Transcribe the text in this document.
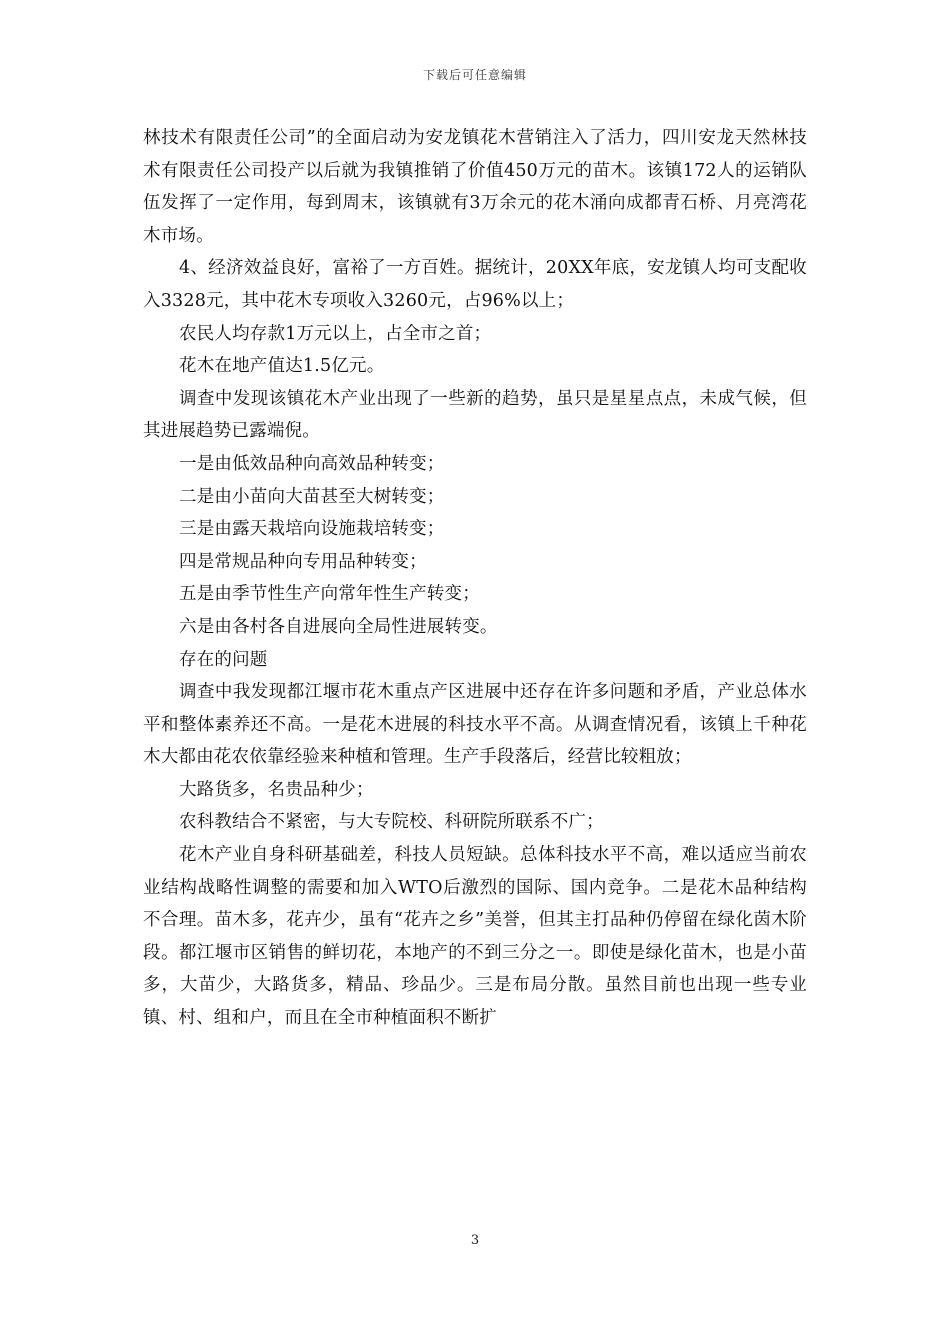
下载后可任意编辑

林技术有限责任公司”的全面启动为安龙镇花木营销注入了活力，四川安龙天然林技术有限责任公司投产以后就为我镇推销了价值450万元的苗木。该镇172人的运销队伍发挥了一定作用，每到周末，该镇就有3万余元的花木涌向成都青石桥、月亮湾花木市场。

4、经济效益良好，富裕了一方百姓。据统计，20XX年底，安龙镇人均可支配收入3328元，其中花木专项收入3260元，占96%以上；

农民人均存款1万元以上，占全市之首；

花木在地产值达1.5亿元。

调查中发现该镇花木产业出现了一些新的趋势，虽只是星星点点，未成气候，但其进展趋势已露端倪。

一是由低效品种向高效品种转变；

二是由小苗向大苗甚至大树转变；

三是由露天栽培向设施栽培转变；

四是常规品种向专用品种转变；

五是由季节性生产向常年性生产转变；

六是由各村各自进展向全局性进展转变。

存在的问题

调查中我发现都江堰市花木重点产区进展中还存在许多问题和矛盾，产业总体水平和整体素养还不高。一是花木进展的科技水平不高。从调查情况看，该镇上千种花木大都由花农依靠经验来种植和管理。生产手段落后，经营比较粗放；

大路货多，名贵品种少；

农科教结合不紧密，与大专院校、科研院所联系不广；

花木产业自身科研基础差，科技人员短缺。总体科技水平不高，难以适应当前农业结构战略性调整的需要和加入WTO后激烈的国际、国内竞争。二是花木品种结构不合理。苗木多，花卉少，虽有“花卉之乡”美誉，但其主打品种仍停留在绿化茵木阶段。都江堰市区销售的鲜切花，本地产的不到三分之一。即使是绿化苗木，也是小苗多，大苗少，大路货多，精品、珍品少。三是布局分散。虽然目前也出现一些专业镇、村、组和户，而且在全市种植面积不断扩

3
